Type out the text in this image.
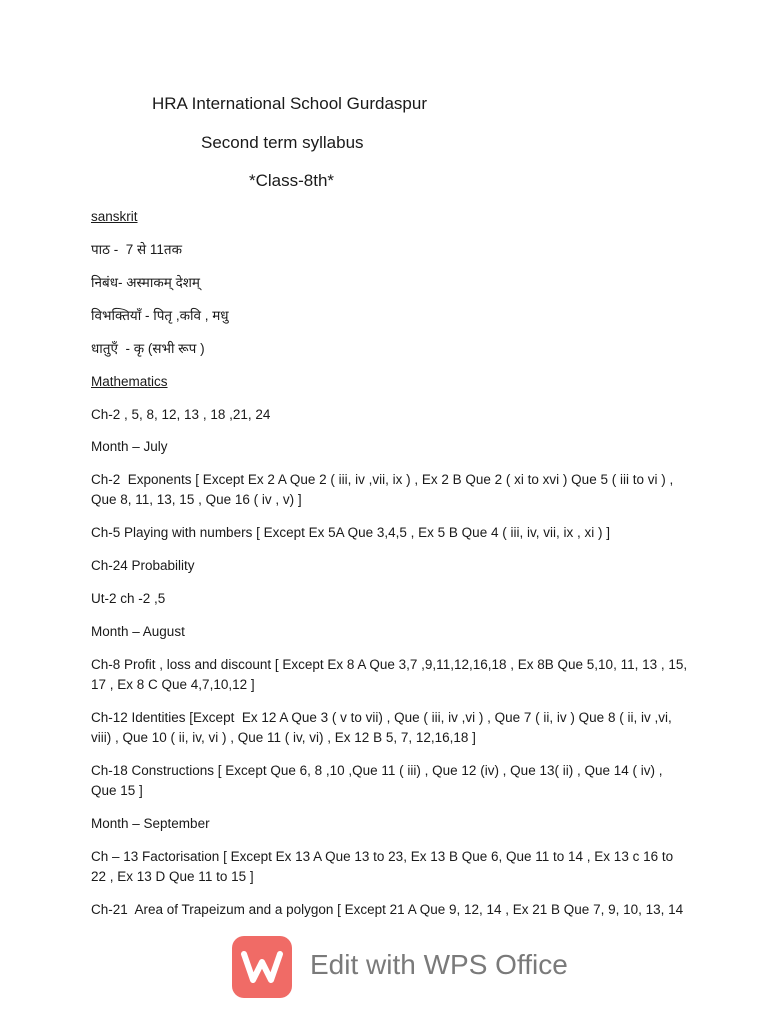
HRA International School Gurdaspur
Second term syllabus
*Class-8th*
sanskrit
पाठ -  7 से 11तक
निबंध- अस्माकम् देशम्
विभक्तियाँ - पितृ ,कवि , मधु
धातुएँ  - कृ (सभी रूप )
Mathematics
Ch-2 , 5, 8, 12, 13 , 18 ,21, 24
Month – July
Ch-2  Exponents [ Except Ex 2 A Que 2 ( iii, iv ,vii, ix ) , Ex 2 B Que 2 ( xi to xvi ) Que 5 ( iii to vi ) ,
Que 8, 11, 13, 15 , Que 16 ( iv , v) ]
Ch-5 Playing with numbers [ Except Ex 5A Que 3,4,5 , Ex 5 B Que 4 ( iii, iv, vii, ix , xi ) ]
Ch-24 Probability
Ut-2 ch -2 ,5
Month – August
Ch-8 Profit , loss and discount [ Except Ex 8 A Que 3,7 ,9,11,12,16,18 , Ex 8B Que 5,10, 11, 13 , 15,
17 , Ex 8 C Que 4,7,10,12 ]
Ch-12 Identities [Except  Ex 12 A Que 3 ( v to vii) , Que ( iii, iv ,vi ) , Que 7 ( ii, iv ) Que 8 ( ii, iv ,vi,
viii) , Que 10 ( ii, iv, vi ) , Que 11 ( iv, vi) , Ex 12 B 5, 7, 12,16,18 ]
Ch-18 Constructions [ Except Que 6, 8 ,10 ,Que 11 ( iii) , Que 12 (iv) , Que 13( ii) , Que 14 ( iv) ,
Que 15 ]
Month – September
Ch – 13 Factorisation [ Except Ex 13 A Que 13 to 23, Ex 13 B Que 6, Que 11 to 14 , Ex 13 c 16 to
22 , Ex 13 D Que 11 to 15 ]
Ch-21  Area of Trapeizum and a polygon [ Except 21 A Que 9, 12, 14 , Ex 21 B Que 7, 9, 10, 13, 14
Edit with WPS Office
